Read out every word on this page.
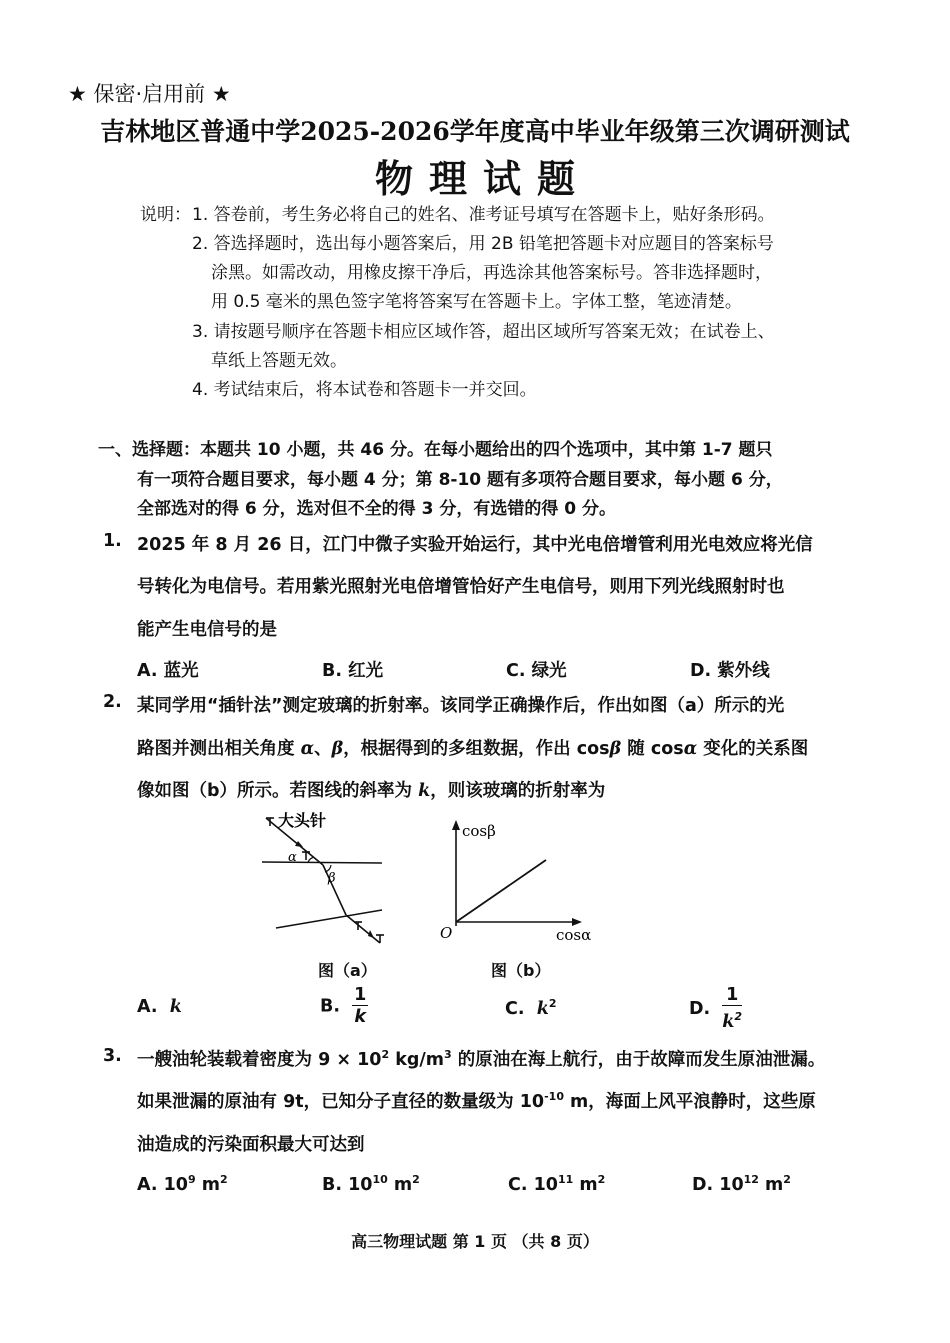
★ 保密·启用前 ★
吉林地区普通中学2025-2026学年度高中毕业年级第三次调研测试
物理试题
说明： 1. 答卷前，考生务必将自己的姓名、准考证号填写在答题卡上，贴好条形码。
2. 答选择题时，选出每小题答案后，用 2B 铅笔把答题卡对应题目的答案标号
涂黑。如需改动，用橡皮擦干净后，再选涂其他答案标号。答非选择题时，
用 0.5 毫米的黑色签字笔将答案写在答题卡上。字体工整，笔迹清楚。
3. 请按题号顺序在答题卡相应区域作答，超出区域所写答案无效；在试卷上、
草纸上答题无效。
4. 考试结束后，将本试卷和答题卡一并交回。
一、选择题：本题共 10 小题，共 46 分。在每小题给出的四个选项中，其中第 1-7 题只
有一项符合题目要求，每小题 4 分；第 8-10 题有多项符合题目要求，每小题 6 分，
全部选对的得 6 分，选对但不全的得 3 分，有选错的得 0 分。
1. 2025 年 8 月 26 日，江门中微子实验开始运行，其中光电倍增管利用光电效应将光信
号转化为电信号。若用紫光照射光电倍增管恰好产生电信号，则用下列光线照射时也
能产生电信号的是
A. 蓝光	B. 红光	C. 绿光	D. 紫外线
2. 某同学用“插针法”测定玻璃的折射率。该同学正确操作后，作出如图（a）所示的光
路图并测出相关角度 α、β，根据得到的多组数据，作出 cosβ 随 cosα 变化的关系图
像如图（b）所示。若图线的斜率为 k，则该玻璃的折射率为
α
β
大头针
图（a）
cosβ
cosα
O
图（b）
A. k	B. $\frac{1}{k}$	C. $k^2$	D. $\frac{1}{k^2}$
3. 一艘油轮装载着密度为 $9 \times 10^2$ $kg/m^3$ 的原油在海上航行，由于故障而发生原油泄漏。
如果泄漏的原油有 9t，已知分子直径的数量级为 $10^{-10}$ m，海面上风平浪静时，这些原
油造成的污染面积最大可达到
A. $10^9$ $m^2$	B. $10^{10}$ $m^2$	C. $10^{11}$ $m^2$	D. $10^{12}$ $m^2$
高三物理试题 第 1 页 （共 8 页）
